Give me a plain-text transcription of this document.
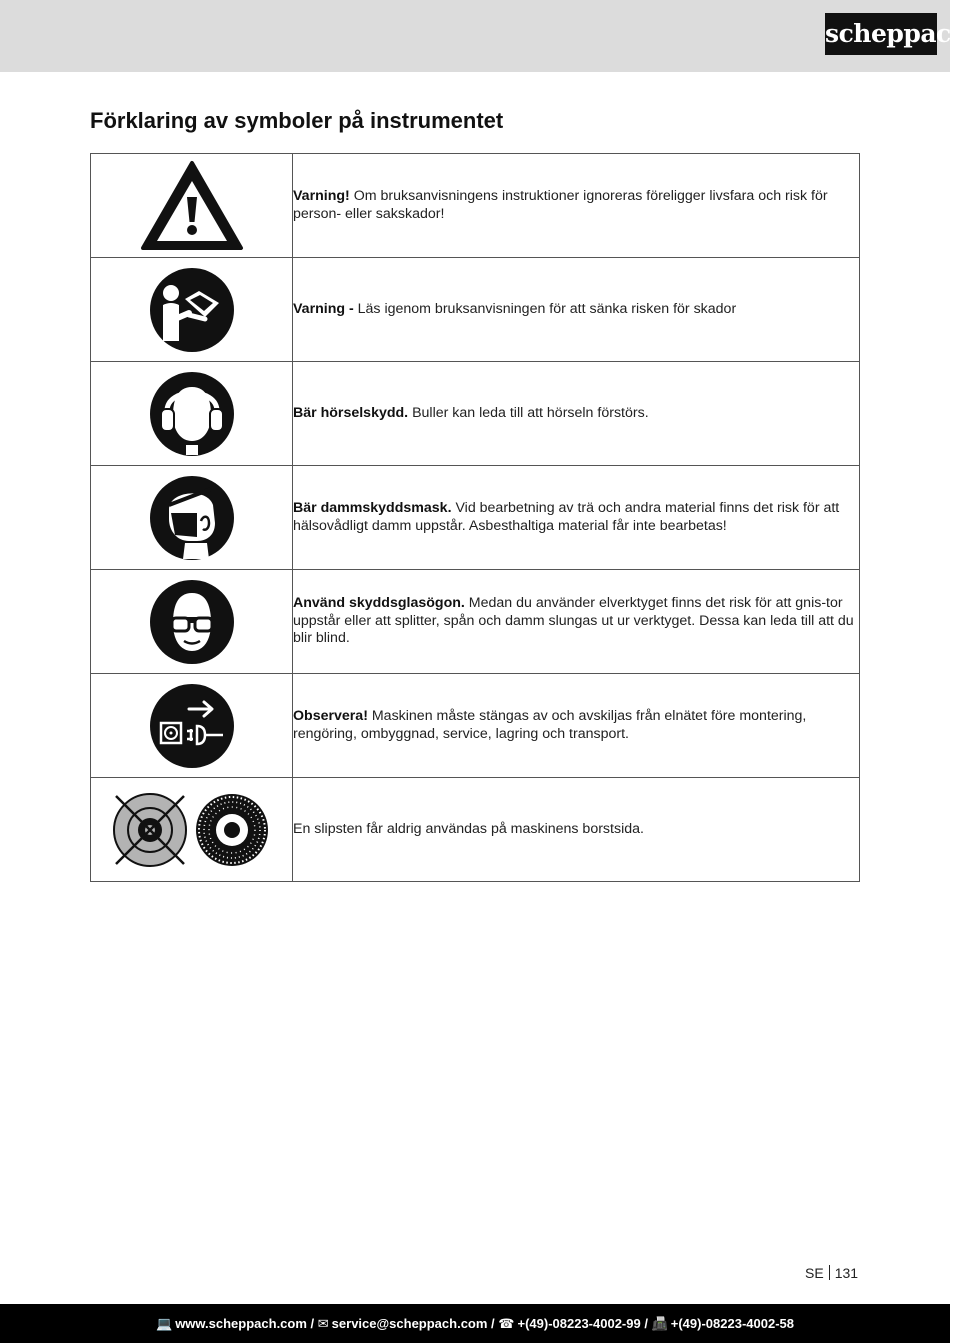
scheppach
Förklaring av symboler på instrumentet
	Varning! Om bruksanvisningens instruktioner ignoreras föreligger livsfara och risk för person- eller sakskador!
	Varning - Läs igenom bruksanvisningen för att sänka risken för skador
	Bär hörselskydd. Buller kan leda till att hörseln förstörs.
	Bär dammskyddsmask. Vid bearbetning av trä och andra material finns det risk för att hälsovådligt damm uppstår. Asbesthaltiga material får inte bearbetas!
	Använd skyddsglasögon. Medan du använder elverktyget finns det risk för att gnis-tor uppstår eller att splitter, spån och damm slungas ut ur verktyget. Dessa kan leda till att du blir blind.
	Observera! Maskinen måste stängas av och avskiljas från elnätet före montering, rengöring, ombyggnad, service, lagring och transport.
	En slipsten får aldrig användas på maskinens borstsida.
SE 131
💻 www.scheppach.com / ✉ service@scheppach.com / ☎ +(49)-08223-4002-99 / 📠 +(49)-08223-4002-58
